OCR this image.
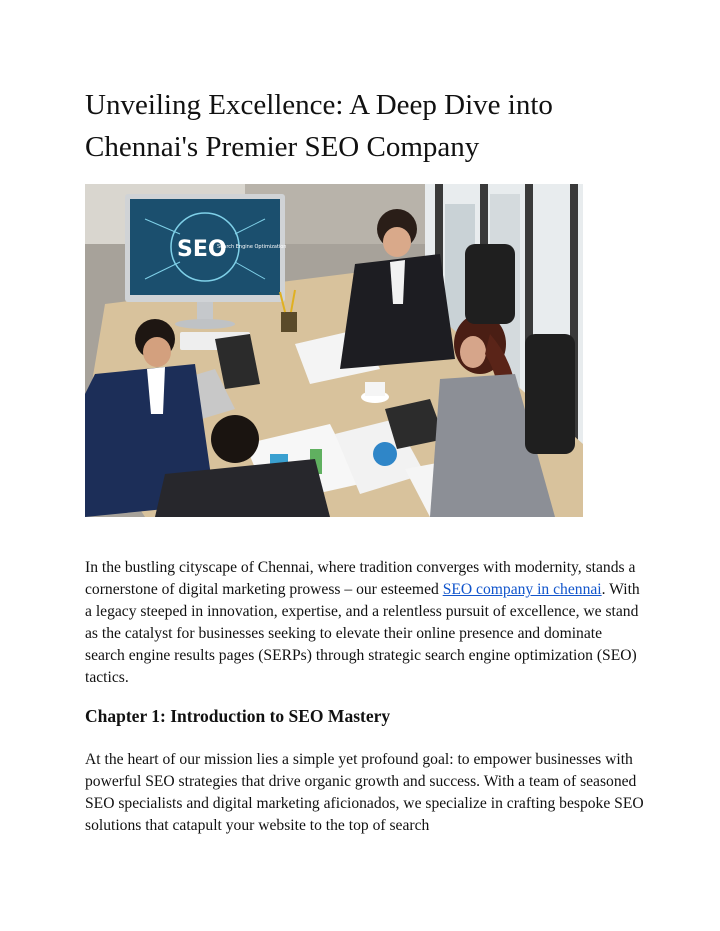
Unveiling Excellence: A Deep Dive into
Chennai's Premier SEO Company
SEO
Search Engine Optimization

In the bustling cityscape of Chennai, where tradition converges with modernity, stands a cornerstone of digital marketing prowess – our esteemed SEO company in chennai. With a legacy steeped in innovation, expertise, and a relentless pursuit of excellence, we stand as the catalyst for businesses seeking to elevate their online presence and dominate search engine results pages (SERPs) through strategic search engine optimization (SEO) tactics.

Chapter 1: Introduction to SEO Mastery

At the heart of our mission lies a simple yet profound goal: to empower businesses with powerful SEO strategies that drive organic growth and success. With a team of seasoned SEO specialists and digital marketing aficionados, we specialize in crafting bespoke SEO solutions that catapult your website to the top of search
